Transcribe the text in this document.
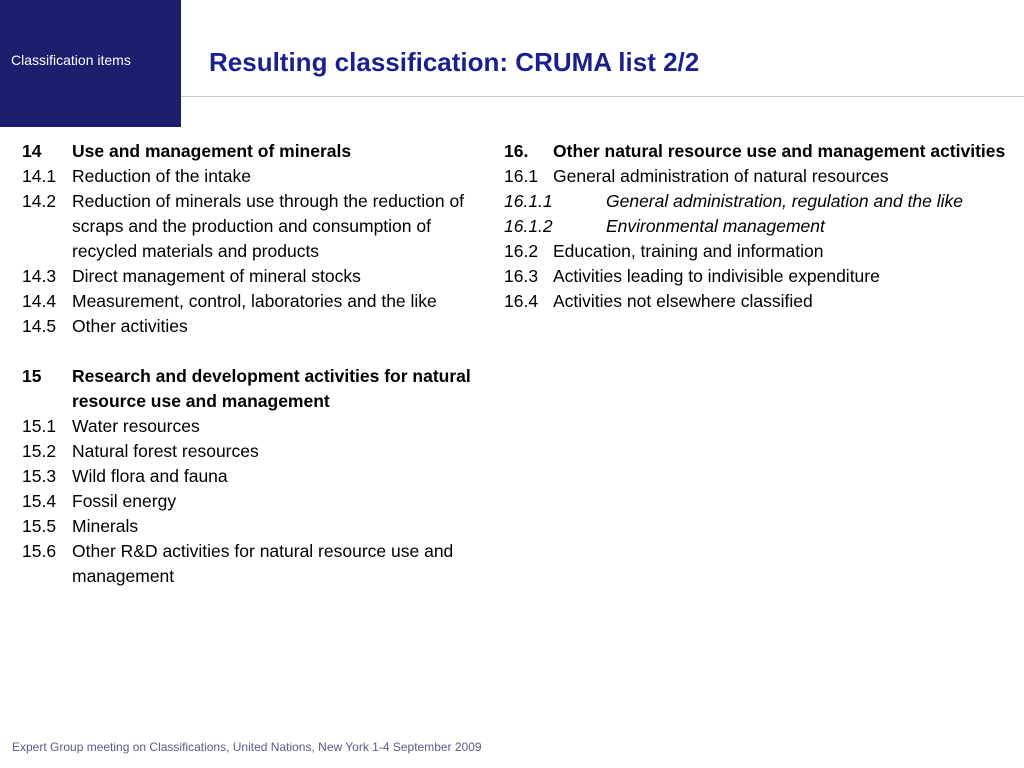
Classification items	Resulting classification: CRUMA list 2/2
14	Use and management of minerals
14.1 Reduction of the intake
14.2 Reduction of minerals use through the reduction of scraps and the production and consumption of recycled materials and products
14.3 Direct management of mineral stocks
14.4 Measurement, control, laboratories and the like
14.5 Other activities
15	Research and development activities for natural resource use and management
15.1 Water resources
15.2 Natural forest resources
15.3 Wild flora and fauna
15.4 Fossil energy
15.5 Minerals
15.6 Other R&D activities for natural resource use and management
16.	Other natural resource use and management activities
16.1 General administration of natural resources
16.1.1	General administration, regulation and the like
16.1.2	Environmental management
16.2 Education, training and information
16.3 Activities leading to indivisible expenditure
16.4 Activities not elsewhere classified
Expert Group meeting on Classifications, United Nations, New York 1-4 September 2009
